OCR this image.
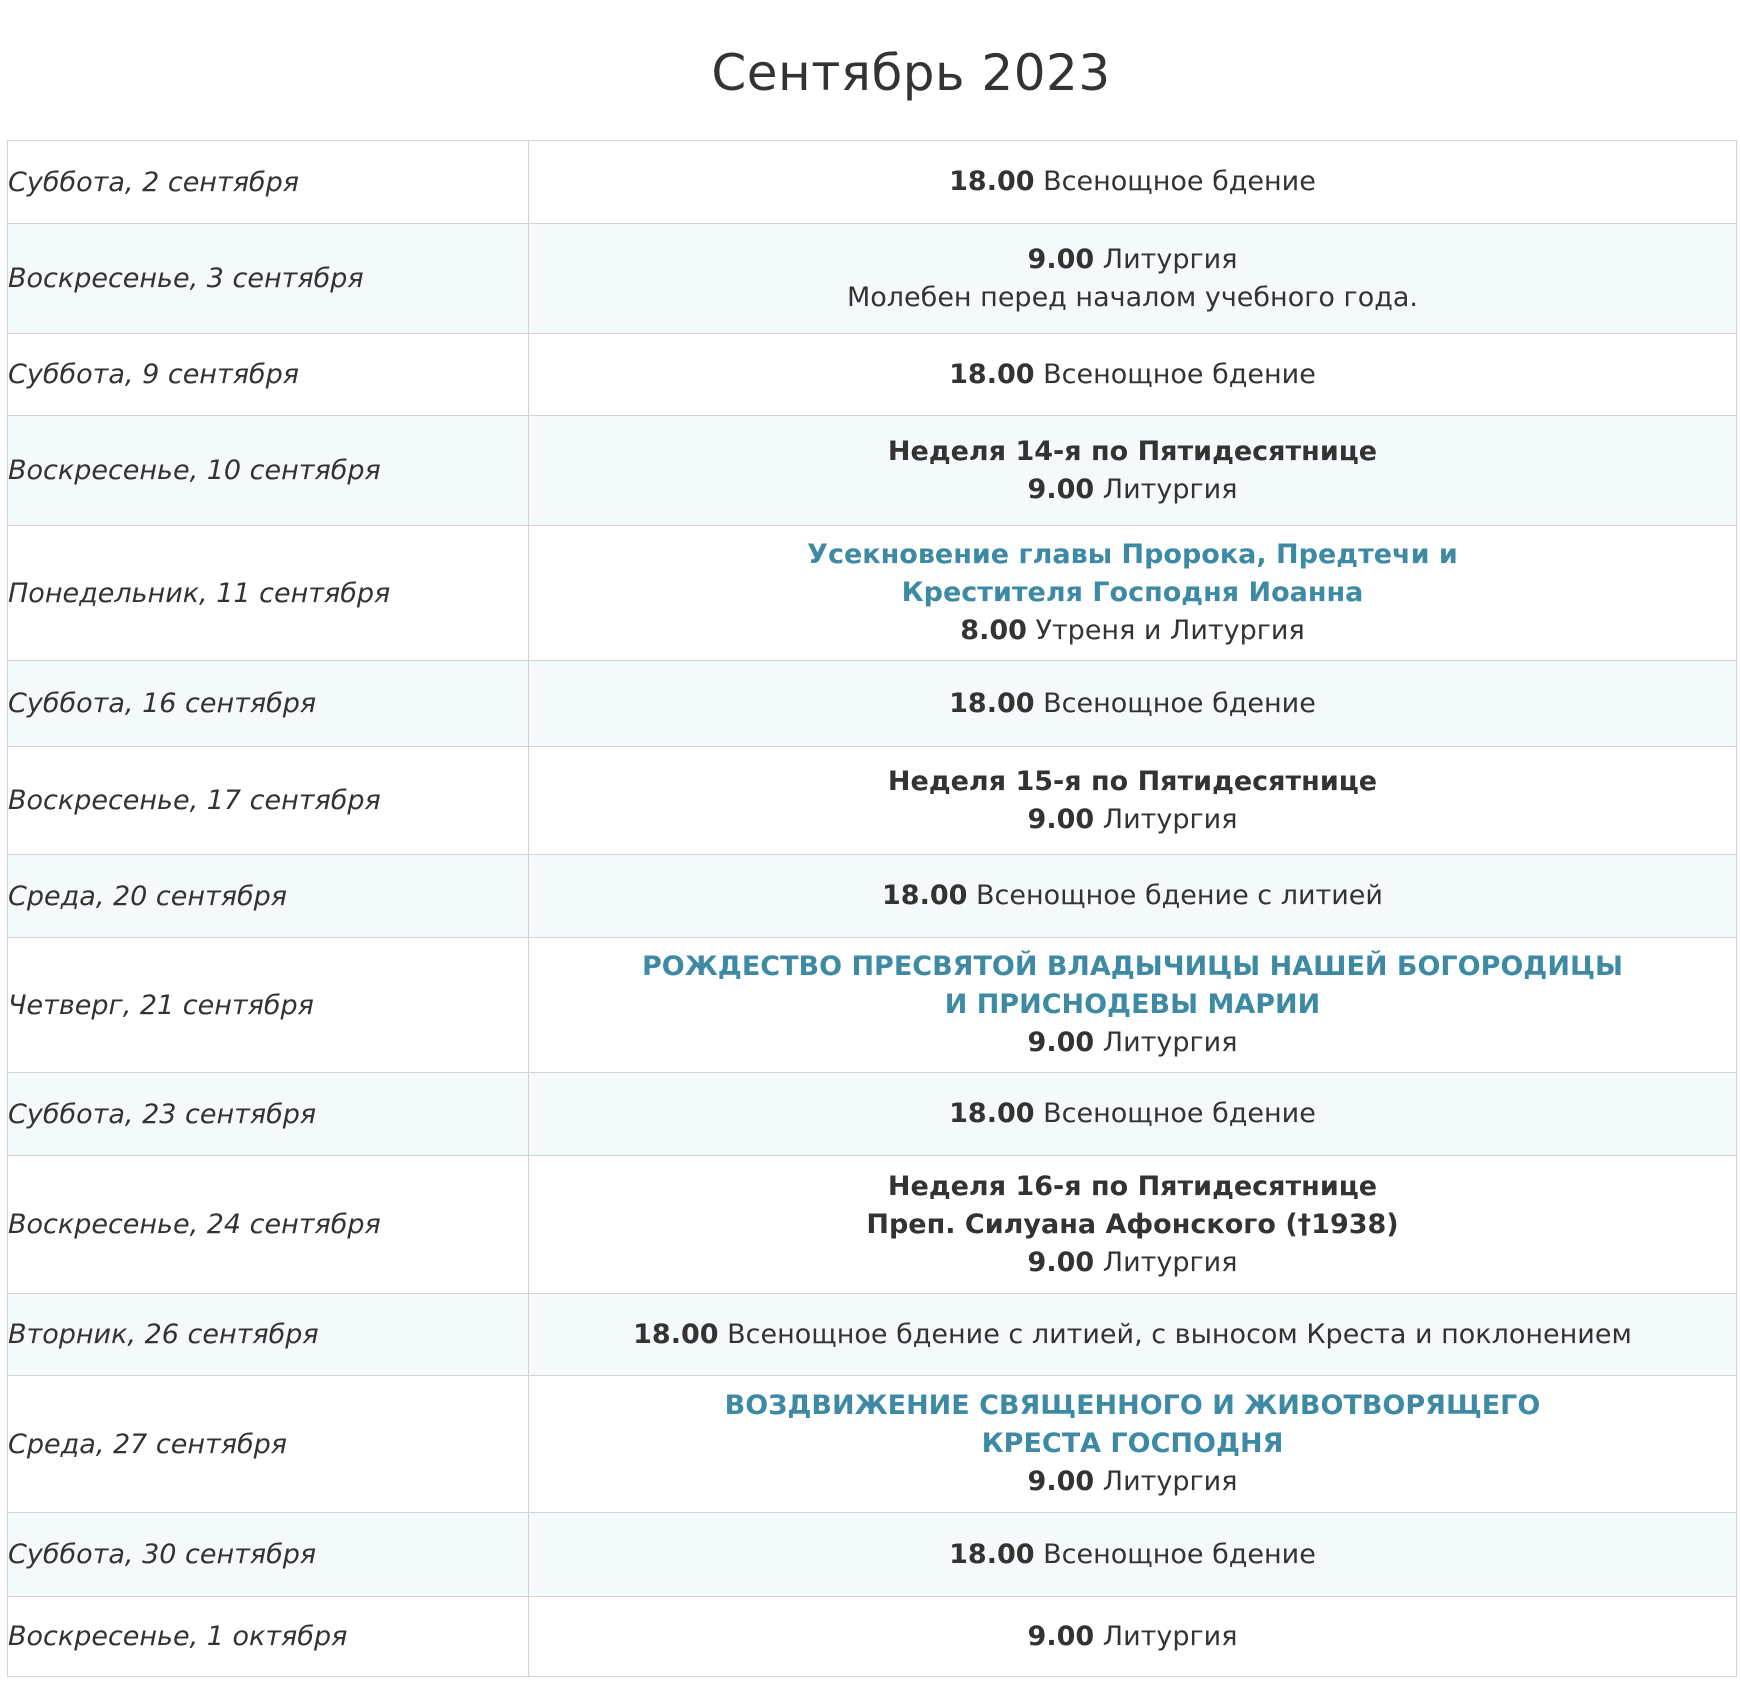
Сентябрь 2023
Суббота, 2 сентября	18.00 Всенощное бдение
Воскресенье, 3 сентября	9.00 Литургия
Молебен перед началом учебного года.

Суббота, 9 сентября	18.00 Всенощное бдение
Воскресенье, 10 сентября	Неделя 14-я по Пятидесятнице
9.00 Литургия

Понедельник, 11 сентября	Усекновение главы Пророка, Предтечи и
Крестителя Господня Иоанна
8.00 Утреня и Литургия

Суббота, 16 сентября	18.00 Всенощное бдение
Воскресенье, 17 сентября	Неделя 15-я по Пятидесятнице
9.00 Литургия

Среда, 20 сентября	18.00 Всенощное бдение с литией
Четверг, 21 сентября	РОЖДЕСТВО ПРЕСВЯТОЙ ВЛАДЫЧИЦЫ НАШЕЙ БОГОРОДИЦЫ
И ПРИСНОДЕВЫ МАРИИ
9.00 Литургия

Суббота, 23 сентября	18.00 Всенощное бдение
Воскресенье, 24 сентября	Неделя 16-я по Пятидесятнице
Преп. Силуана Афонского (†1938)
9.00 Литургия

Вторник, 26 сентября	18.00 Всенощное бдение с литией, с выносом Креста и поклонением
Среда, 27 сентября	ВОЗДВИЖЕНИЕ СВЯЩЕННОГО И ЖИВОТВОРЯЩЕГО
КРЕСТА ГОСПОДНЯ
9.00 Литургия

Суббота, 30 сентября	18.00 Всенощное бдение
Воскресенье, 1 октября	9.00 Литургия
